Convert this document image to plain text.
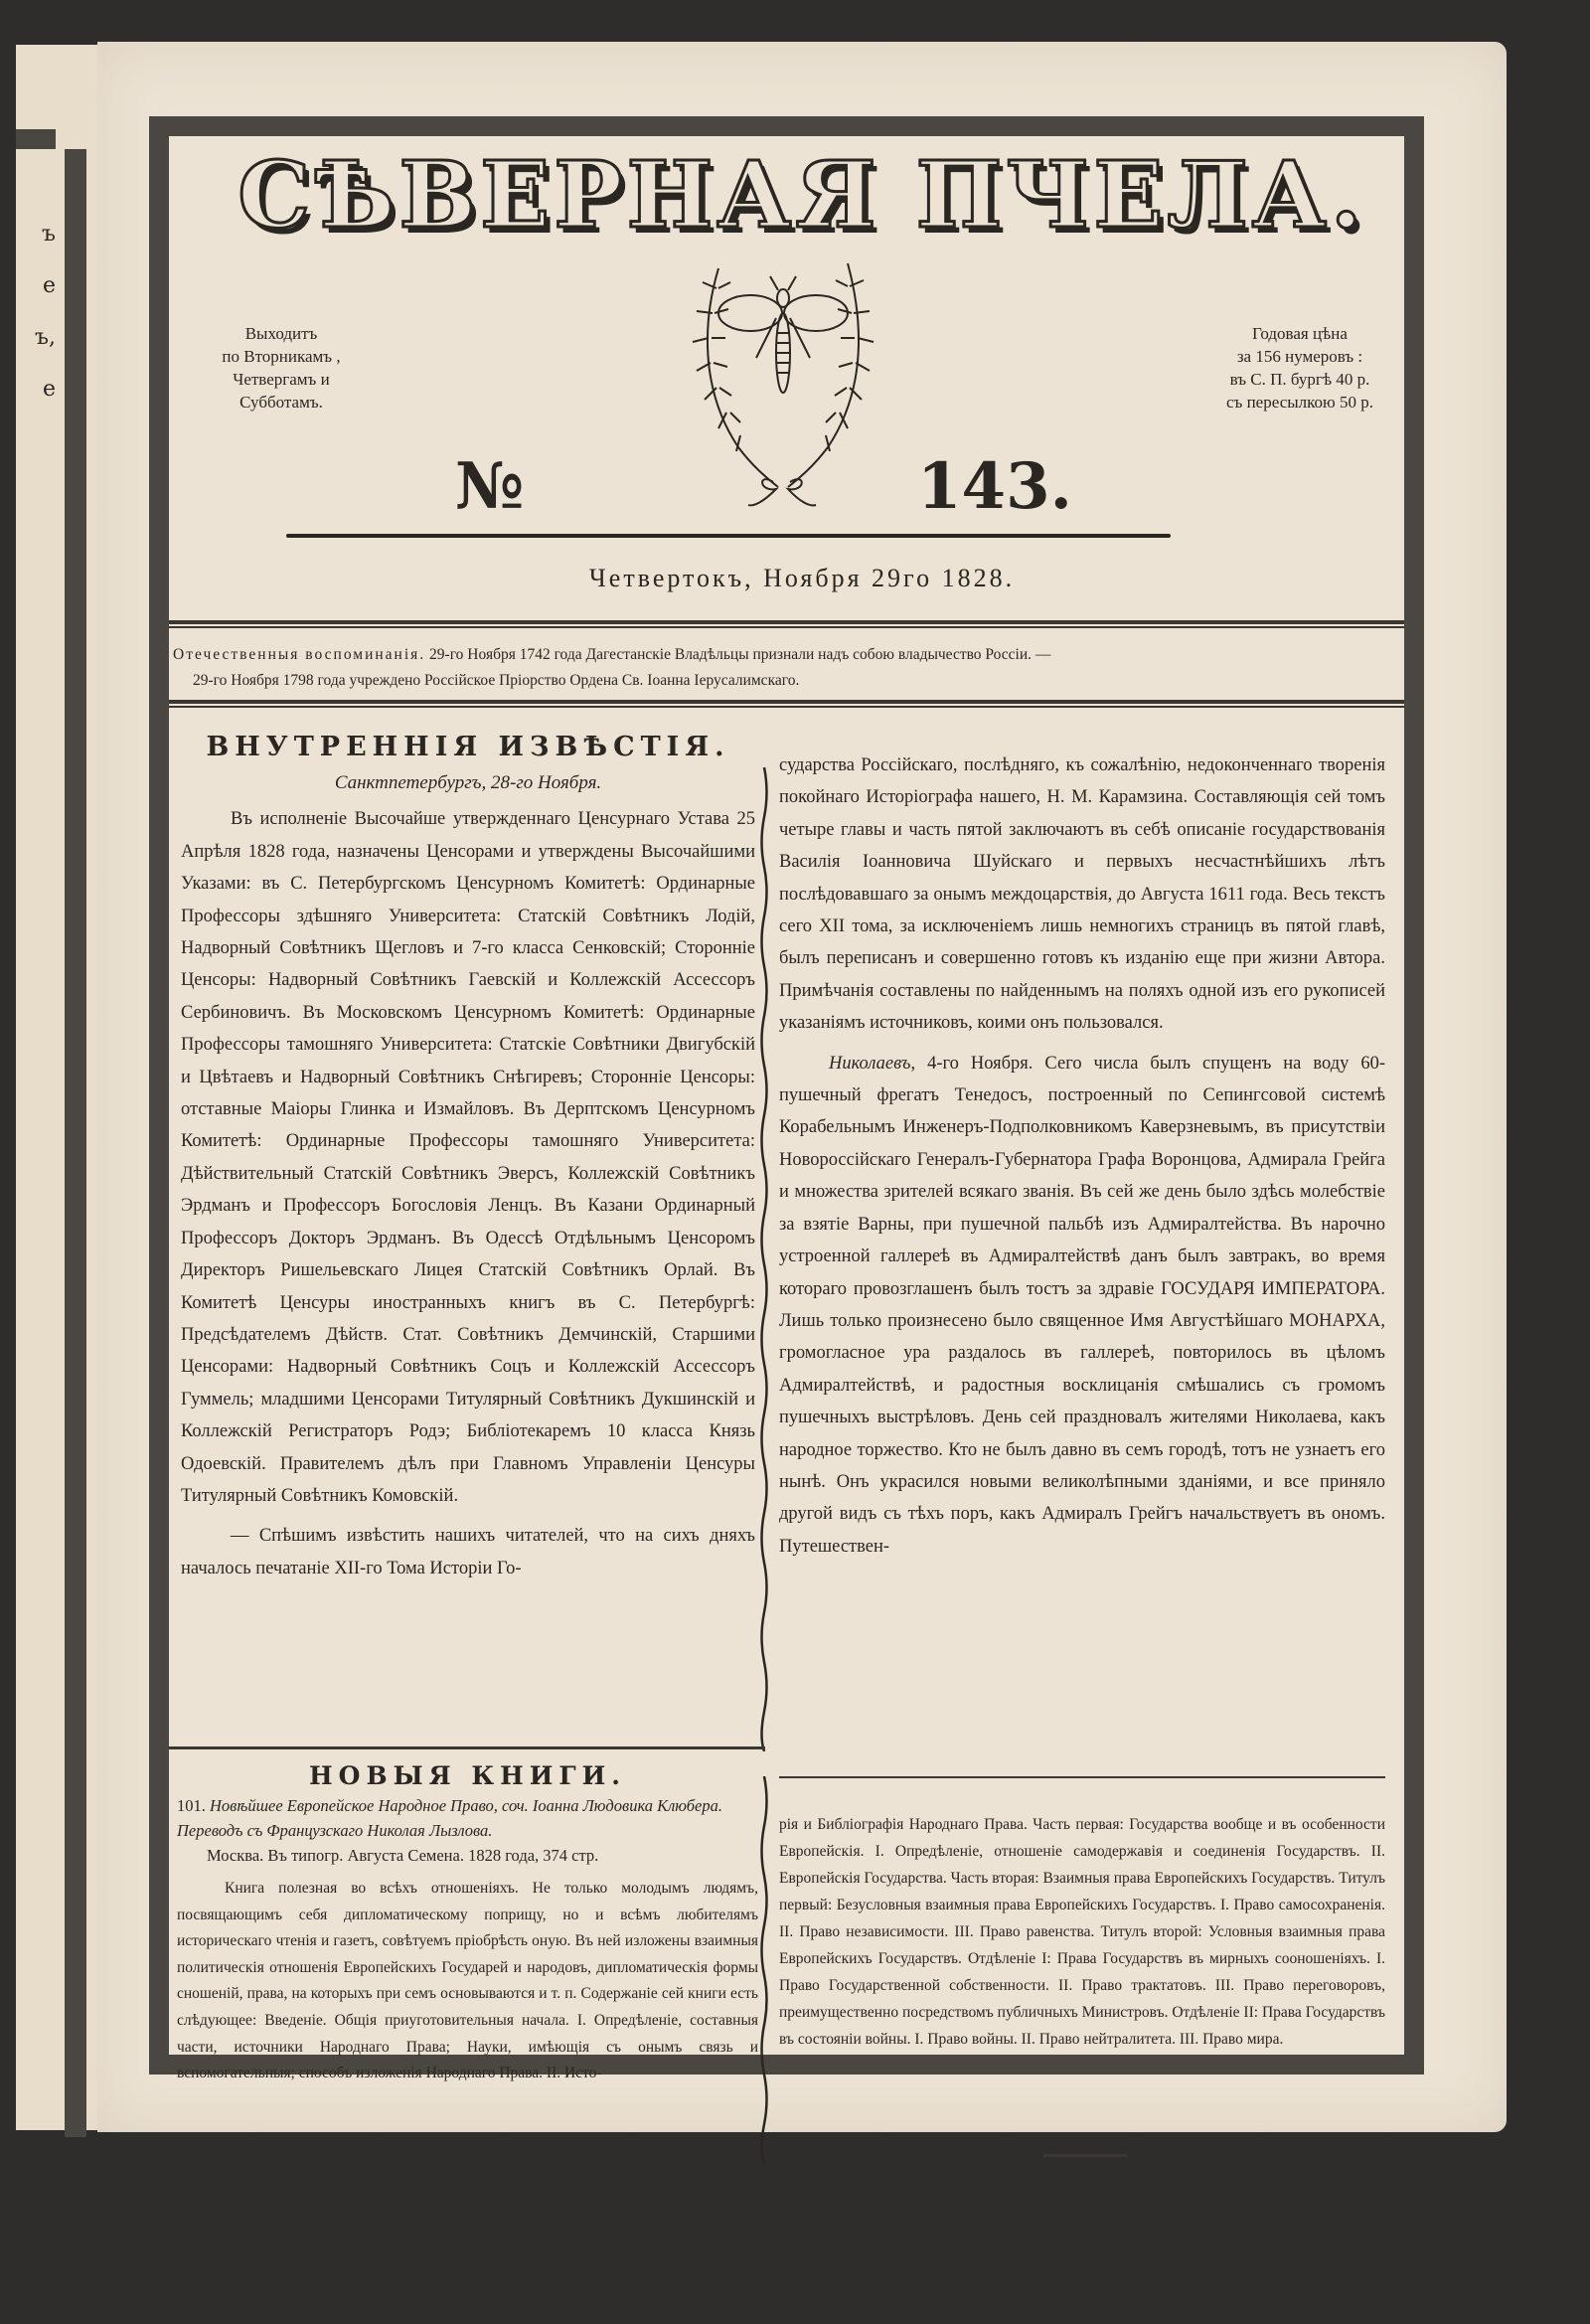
ъ
е
ъ,
е
СѢВЕРНАЯ ПЧЕЛА.
Выходитъ
по Вторникамъ ,
Четвергамъ и
Субботамъ.
Годовая цѣна
за 156 нумеровъ :
въ С. П. бургѣ 40 р.
съ пересылкою 50 р.
№	143.
Четвертокъ, Ноября 29го 1828.
Отечественныя воспоминанія. 29-го Ноября 1742 года Дагестанскіе Владѣльцы признали надъ собою владычество Россіи. —
29-го Ноября 1798 года учреждено Россійское Пріорство Ордена Св. Іоанна Іерусалимскаго.
ВНУТРЕННІЯ ИЗВѢСТІЯ.
Санктпетербургъ, 28-го Ноября.

Въ исполненіе Высочайше утвержденнаго Ценсурнаго Устава 25 Апрѣля 1828 года, назначены Ценсорами и утверждены Высочайшими Указами: въ С. Петербургскомъ Ценсурномъ Комитетѣ: Ординарные Профессоры здѣшняго Университета: Статскій Совѣтникъ Лодій, Надворный Совѣтникъ Щегловъ и 7-го класса Сенковскій; Сторонніе Ценсоры: Надворный Совѣтникъ Гаевскій и Коллежскій Ассессоръ Сербиновичъ. Въ Московскомъ Ценсурномъ Комитетѣ: Ординарные Профессоры тамошняго Университета: Статскіе Совѣтники Двигубскій и Цвѣтаевъ и Надворный Совѣтникъ Снѣгиревъ; Сторонніе Ценсоры: отставные Маіоры Глинка и Измайловъ. Въ Дерптскомъ Ценсурномъ Комитетѣ: Ординарные Профессоры тамошняго Университета: Дѣйствительный Статскій Совѣтникъ Эверсъ, Коллежскій Совѣтникъ Эрдманъ и Профессоръ Богословія Ленцъ. Въ Казани Ординарный Профессоръ Докторъ Эрдманъ. Въ Одессѣ Отдѣльнымъ Ценсоромъ Директоръ Ришельевскаго Лицея Статскій Совѣтникъ Орлай. Въ Комитетѣ Ценсуры иностранныхъ книгъ въ С. Петербургѣ: Предсѣдателемъ Дѣйств. Стат. Совѣтникъ Демчинскій, Старшими Ценсорами: Надворный Совѣтникъ Соцъ и Коллежскій Ассессоръ Гуммель; младшими Ценсорами Титулярный Совѣтникъ Дукшинскій и Коллежскій Регистраторъ Родэ; Библіотекаремъ 10 класса Князь Одоевскій. Правителемъ дѣлъ при Главномъ Управленіи Ценсуры Титулярный Совѣтникъ Комовскій.

— Спѣшимъ извѣстить нашихъ читателей, что на сихъ дняхъ началось печатаніе XII-го Тома Исторіи Го-

сударства Россійскаго, послѣдняго, къ сожалѣнію, недоконченнаго творенія покойнаго Исторіографа нашего, Н. М. Карамзина. Составляющія сей томъ четыре главы и часть пятой заключаютъ въ себѣ описаніе государствованія Василія Іоанновича Шуйскаго и первыхъ несчастнѣйшихъ лѣтъ послѣдовавшаго за онымъ междоцарствія, до Августа 1611 года. Весь текстъ сего XII тома, за исключеніемъ лишь немногихъ страницъ въ пятой главѣ, былъ переписанъ и совершенно готовъ къ изданію еще при жизни Автора. Примѣчанія составлены по найденнымъ на поляхъ одной изъ его рукописей указаніямъ источниковъ, коими онъ пользовался.

Николаевъ, 4-го Ноября. Сего числа былъ спущенъ на воду 60-пушечный фрегатъ Тенедосъ, построенный по Сепингсовой системѣ Корабельнымъ Инженеръ-Подполковникомъ Каверзневымъ, въ присутствіи Новороссійскаго Генералъ-Губернатора Графа Воронцова, Адмирала Грейга и множества зрителей всякаго званія. Въ сей же день было здѣсь молебствіе за взятіе Варны, при пушечной пальбѣ изъ Адмиралтейства. Въ нарочно устроенной галлереѣ въ Адмиралтействѣ данъ былъ завтракъ, во время котораго провозглашенъ былъ тостъ за здравіе ГОСУДАРЯ ИМПЕРАТОРА. Лишь только произнесено было священное Имя Августѣйшаго МОНАРХА, громогласное ура раздалось въ галлереѣ, повторилось въ цѣломъ Адмиралтействѣ, и радостныя восклицанія смѣшались съ громомъ пушечныхъ выстрѣловъ. День сей праздновалъ жителями Николаева, какъ народное торжество. Кто не былъ давно въ семъ городѣ, тотъ не узнаетъ его нынѣ. Онъ украсился новыми великолѣпными зданіями, и все приняло другой видъ съ тѣхъ поръ, какъ Адмиралъ Грейгъ начальствуетъ въ ономъ. Путешествен-

НОВЫЯ КНИГИ.
101. Новѣйшее Европейское Народное Право, соч. Іоанна Людовика Клюбера. Переводъ съ Французскаго Николая Лызлова.
Москва. Въ типогр. Августа Семена. 1828 года, 374 стр.
Книга полезная во всѣхъ отношеніяхъ. Не только молодымъ людямъ, посвящающимъ себя дипломатическому поприщу, но и всѣмъ любителямъ историческаго чтенія и газетъ, совѣтуемъ пріобрѣсть оную. Въ ней изложены взаимныя политическія отношенія Европейскихъ Государей и народовъ, дипломатическія формы сношеній, права, на которыхъ при семъ основываются и т. п. Содержаніе сей книги есть слѣдующее: Введеніе. Общія приуготовительныя начала. I. Опредѣленіе, составныя части, источники Народнаго Права; Науки, имѣющія съ онымъ связь и вспомогательныя; способъ изложенія Народнаго Права. II. Исто-
рія и Библіографія Народнаго Права. Часть первая: Государства вообще и въ особенности Европейскія. I. Опредѣленіе, отношеніе самодержавія и соединенія Государствъ. II. Европейскія Государства. Часть вторая: Взаимныя права Европейскихъ Государствъ. Титулъ первый: Безусловныя взаимныя права Европейскихъ Государствъ. I. Право самосохраненія. II. Право независимости. III. Право равенства. Титулъ второй: Условныя взаимныя права Европейскихъ Государствъ. Отдѣленіе I: Права Государствъ въ мирныхъ сооношеніяхъ. I. Право Государственной собственности. II. Право трактатовъ. III. Право переговоровъ, преимущественно посредствомъ публичныхъ Министровъ. Отдѣленіе II: Права Государствъ въ состояніи войны. I. Право войны. II. Право нейтралитета. III. Право мира.
